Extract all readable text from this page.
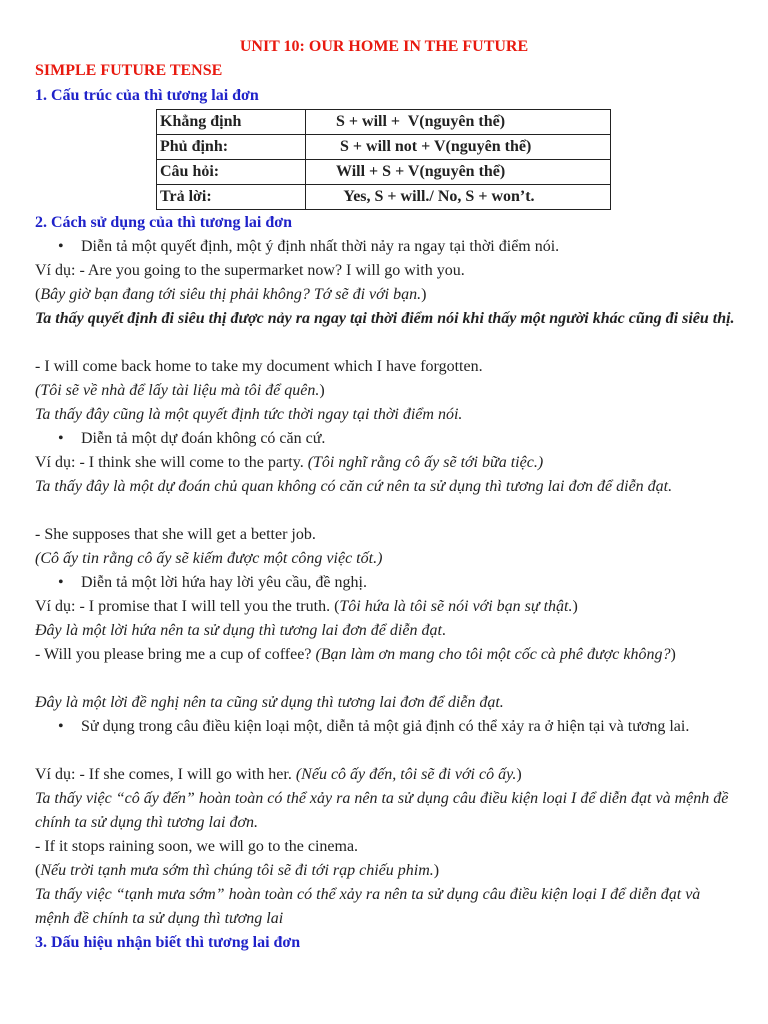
UNIT 10: OUR HOME IN THE FUTURE
SIMPLE FUTURE TENSE
1. Cấu trúc của thì tương lai đơn
Khẳng định	S + will +  V(nguyên thể)
Phủ định:	S + will not + V(nguyên thể)
Câu hỏi:	Will + S + V(nguyên thể)
Trả lời:	Yes, S + will./ No, S + won’t.
2. Cách sử dụng của thì tương lai đơn
• Diễn tả một quyết định, một ý định nhất thời nảy ra ngay tại thời điểm nói.
Ví dụ: - Are you going to the supermarket now? I will go with you.
(Bây giờ bạn đang tới siêu thị phải không? Tớ sẽ đi với bạn.)
Ta thấy quyết định đi siêu thị được nảy ra ngay tại thời điểm nói khi thấy một người khác cũng đi siêu thị.
- I will come back home to take my document which I have forgotten.
(Tôi sẽ về nhà để lấy tài liệu mà tôi để quên.)
Ta thấy đây cũng là một quyết định tức thời ngay tại thời điểm nói.
• Diễn tả một dự đoán không có căn cứ.
Ví dụ: - I think she will come to the party. (Tôi nghĩ rằng cô ấy sẽ tới bữa tiệc.)
Ta thấy đây là một dự đoán chủ quan không có căn cứ nên ta sử dụng thì tương lai đơn để diễn đạt.
- She supposes that she will get a better job.
(Cô ấy tin rằng cô ấy sẽ kiếm được một công việc tốt.)
• Diễn tả một lời hứa hay lời yêu cầu, đề nghị.
Ví dụ: - I promise that I will tell you the truth. (Tôi hứa là tôi sẽ nói với bạn sự thật.)
Đây là một lời hứa nên ta sử dụng thì tương lai đơn để diễn đạt.
- Will you please bring me a cup of coffee? (Bạn làm ơn mang cho tôi một cốc cà phê được không?)
Đây là một lời đề nghị nên ta cũng sử dụng thì tương lai đơn để diễn đạt.
• Sử dụng trong câu điều kiện loại một, diễn tả một giả định có thể xảy ra ở hiện tại và tương lai.
Ví dụ: - If she comes, I will go with her. (Nếu cô ấy đến, tôi sẽ đi với cô ấy.)
Ta thấy việc “cô ấy đến” hoàn toàn có thể xảy ra nên ta sử dụng câu điều kiện loại I để diễn đạt và mệnh đề chính ta sử dụng thì tương lai đơn.
- If it stops raining soon, we will go to the cinema.
(Nếu trời tạnh mưa sớm thì chúng tôi sẽ đi tới rạp chiếu phim.)
Ta thấy việc “tạnh mưa sớm” hoàn toàn có thể xảy ra nên ta sử dụng câu điều kiện loại I để diễn đạt và mệnh đề chính ta sử dụng thì tương lai
3. Dấu hiệu nhận biết thì tương lai đơn
